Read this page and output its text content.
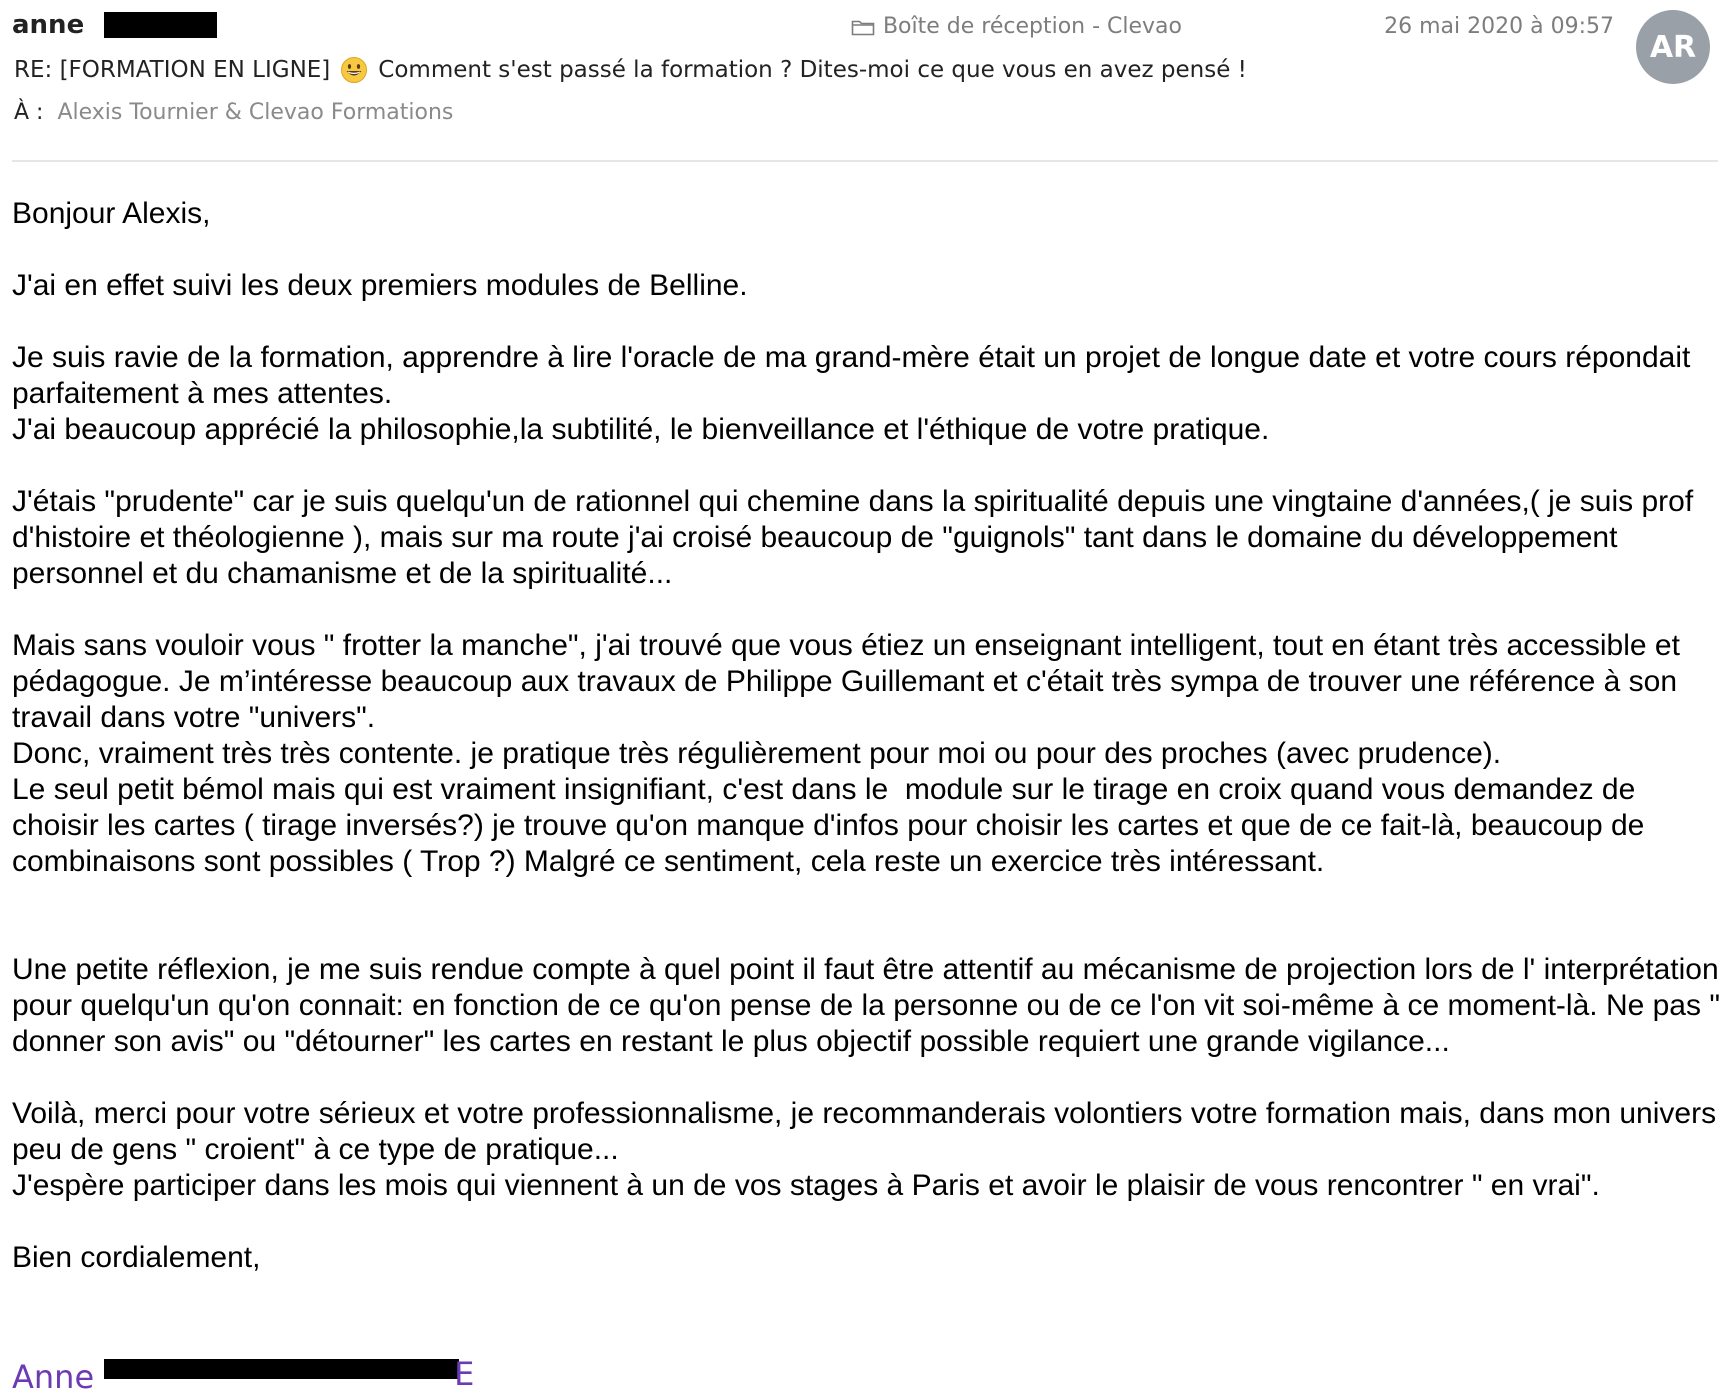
anne	Boîte de réception - Clevao	26 mai 2020 à 09:57
AR
RE: [FORMATION EN LIGNE] Comment s'est passé la formation ? Dites-moi ce que vous en avez pensé !
À : Alexis Tournier & Clevao Formations

Bonjour Alexis,

J'ai en effet suivi les deux premiers modules de Belline.

Je suis ravie de la formation, apprendre à lire l'oracle de ma grand-mère était un projet de longue date et votre cours répondait parfaitement à mes attentes.
J'ai beaucoup apprécié la philosophie,la subtilité, le bienveillance et l'éthique de votre pratique.

J'étais "prudente" car je suis quelqu'un de rationnel qui chemine dans la spiritualité depuis une vingtaine d'années,( je suis prof d'histoire et théologienne ), mais sur ma route j'ai croisé beaucoup de "guignols" tant dans le domaine du développement personnel et du chamanisme et de la spiritualité...

Mais sans vouloir vous " frotter la manche", j'ai trouvé que vous étiez un enseignant intelligent, tout en étant très accessible et pédagogue. Je m’intéresse beaucoup aux travaux de Philippe Guillemant et c'était très sympa de trouver une référence à son travail dans votre "univers".
Donc, vraiment très très contente. je pratique très régulièrement pour moi ou pour des proches (avec prudence).
Le seul petit bémol mais qui est vraiment insignifiant, c'est dans le  module sur le tirage en croix quand vous demandez de choisir les cartes ( tirage inversés?) je trouve qu'on manque d'infos pour choisir les cartes et que de ce fait-là, beaucoup de combinaisons sont possibles ( Trop ?) Malgré ce sentiment, cela reste un exercice très intéressant.

Une petite réflexion, je me suis rendue compte à quel point il faut être attentif au mécanisme de projection lors de l' interprétation pour quelqu'un qu'on connait: en fonction de ce qu'on pense de la personne ou de ce l'on vit soi-même à ce moment-là. Ne pas " donner son avis" ou "détourner" les cartes en restant le plus objectif possible requiert une grande vigilance...

Voilà, merci pour votre sérieux et votre professionnalisme, je recommanderais volontiers votre formation mais, dans mon univers peu de gens " croient" à ce type de pratique...
J'espère participer dans les mois qui viennent à un de vos stages à Paris et avoir le plaisir de vous rencontrer " en vrai".

Bien cordialement,

Anne	E
